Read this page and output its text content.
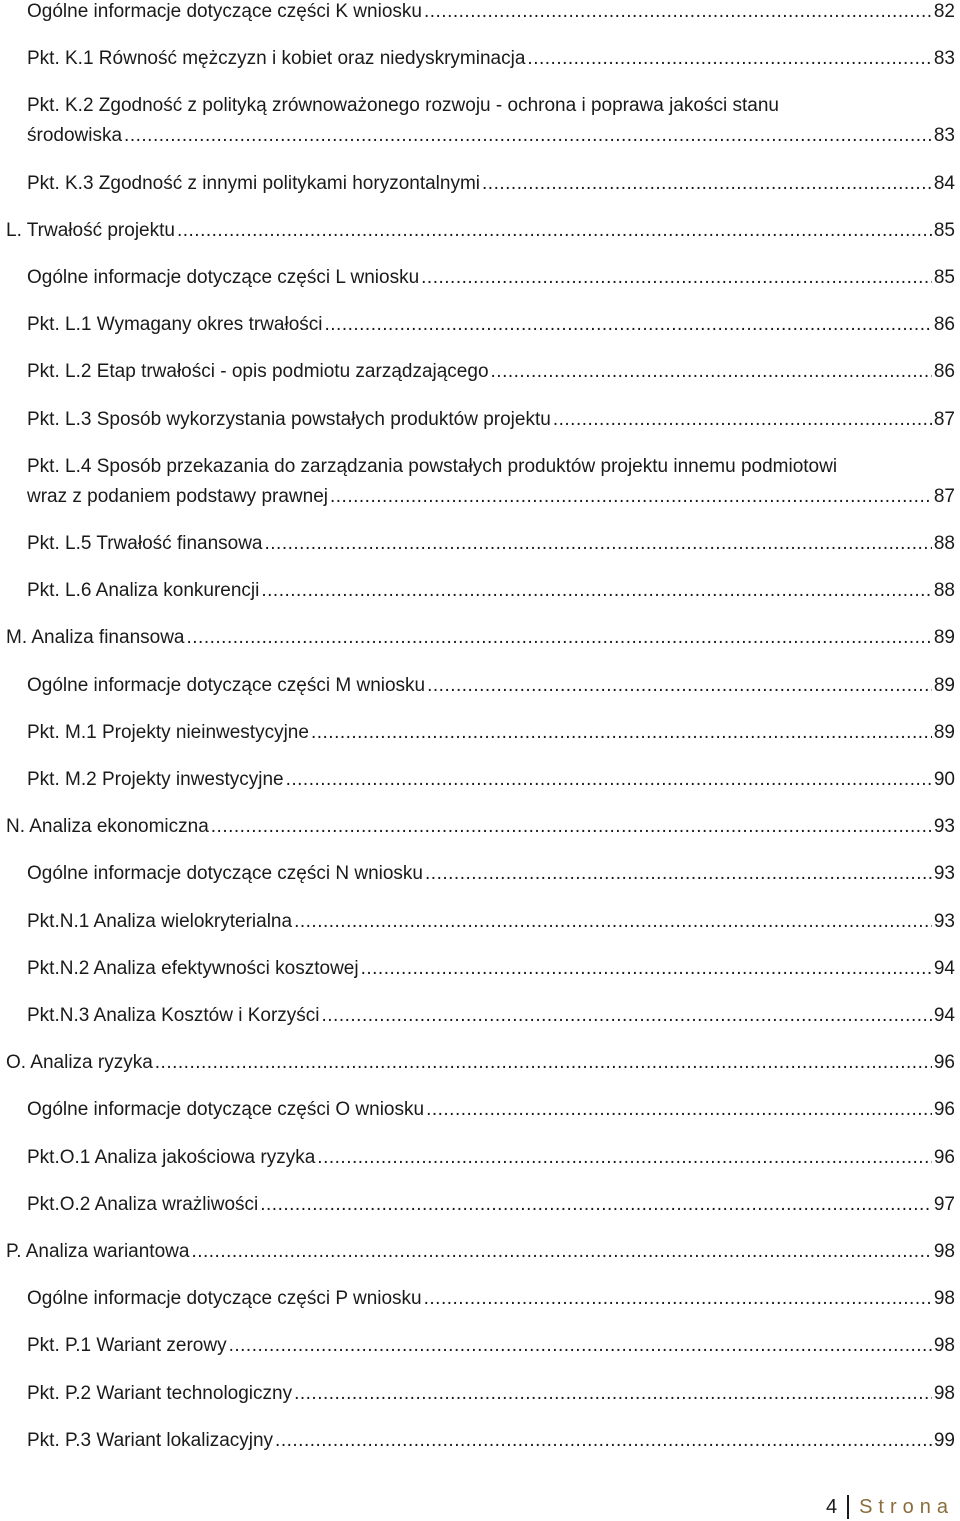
Ogólne informacje dotyczące części K wniosku .....	82
Pkt. K.1 Równość mężczyzn i kobiet oraz niedyskryminacja .....	83
Pkt. K.2 Zgodność z polityką zrównoważonego rozwoju - ochrona i poprawa jakości stanu
środowiska .....	83
Pkt. K.3 Zgodność z innymi politykami horyzontalnymi .....	84
L. Trwałość projektu .....	85
Ogólne informacje dotyczące części L wniosku .....	85
Pkt. L.1 Wymagany okres trwałości .....	86
Pkt. L.2 Etap trwałości - opis podmiotu zarządzającego .....	86
Pkt. L.3 Sposób wykorzystania powstałych produktów projektu .....	87
Pkt. L.4 Sposób przekazania do zarządzania powstałych produktów projektu innemu podmiotowi
wraz z podaniem podstawy prawnej .....	87
Pkt. L.5 Trwałość finansowa .....	88
Pkt. L.6 Analiza konkurencji .....	88
M. Analiza finansowa .....	89
Ogólne informacje dotyczące części M wniosku .....	89
Pkt. M.1 Projekty nieinwestycyjne .....	89
Pkt. M.2 Projekty inwestycyjne .....	90
N. Analiza ekonomiczna .....	93
Ogólne informacje dotyczące części N wniosku .....	93
Pkt.N.1 Analiza wielokryterialna .....	93
Pkt.N.2 Analiza efektywności kosztowej .....	94
Pkt.N.3 Analiza Kosztów i Korzyści .....	94
O. Analiza ryzyka .....	96
Ogólne informacje dotyczące części O wniosku .....	96
Pkt.O.1 Analiza jakościowa ryzyka .....	96
Pkt.O.2 Analiza wrażliwości .....	97
P. Analiza wariantowa .....	98
Ogólne informacje dotyczące części P wniosku .....	98
Pkt. P.1 Wariant zerowy .....	98
Pkt. P.2 Wariant technologiczny .....	98
Pkt. P.3 Wariant lokalizacyjny .....	99
4 Strona
